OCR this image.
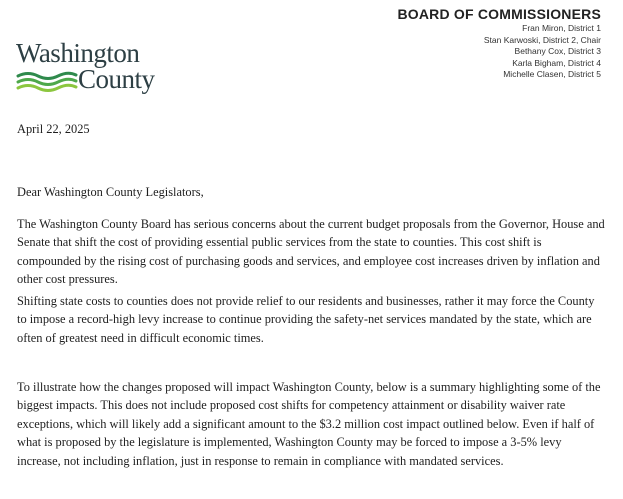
Washington
County
BOARD OF COMMISSIONERS
Fran Miron, District 1
Stan Karwoski, District 2, Chair
Bethany Cox, District 3
Karla Bigham, District 4
Michelle Clasen, District 5
April 22, 2025
Dear Washington County Legislators,
The Washington County Board has serious concerns about the current budget proposals from the Governor, House and Senate that shift the cost of providing essential public services from the state to counties. This cost shift is compounded by the rising cost of purchasing goods and services, and employee cost increases driven by inflation and other cost pressures.
Shifting state costs to counties does not provide relief to our residents and businesses, rather it may force the County to impose a record-high levy increase to continue providing the safety-net services mandated by the state, which are often of greatest need in difficult economic times.
To illustrate how the changes proposed will impact Washington County, below is a summary highlighting some of the biggest impacts. This does not include proposed cost shifts for competency attainment or disability waiver rate exceptions, which will likely add a significant amount to the $3.2 million cost impact outlined below. Even if half of what is proposed by the legislature is implemented, Washington County may be forced to impose a 3-5% levy increase, not including inflation, just in response to remain in compliance with mandated services.
